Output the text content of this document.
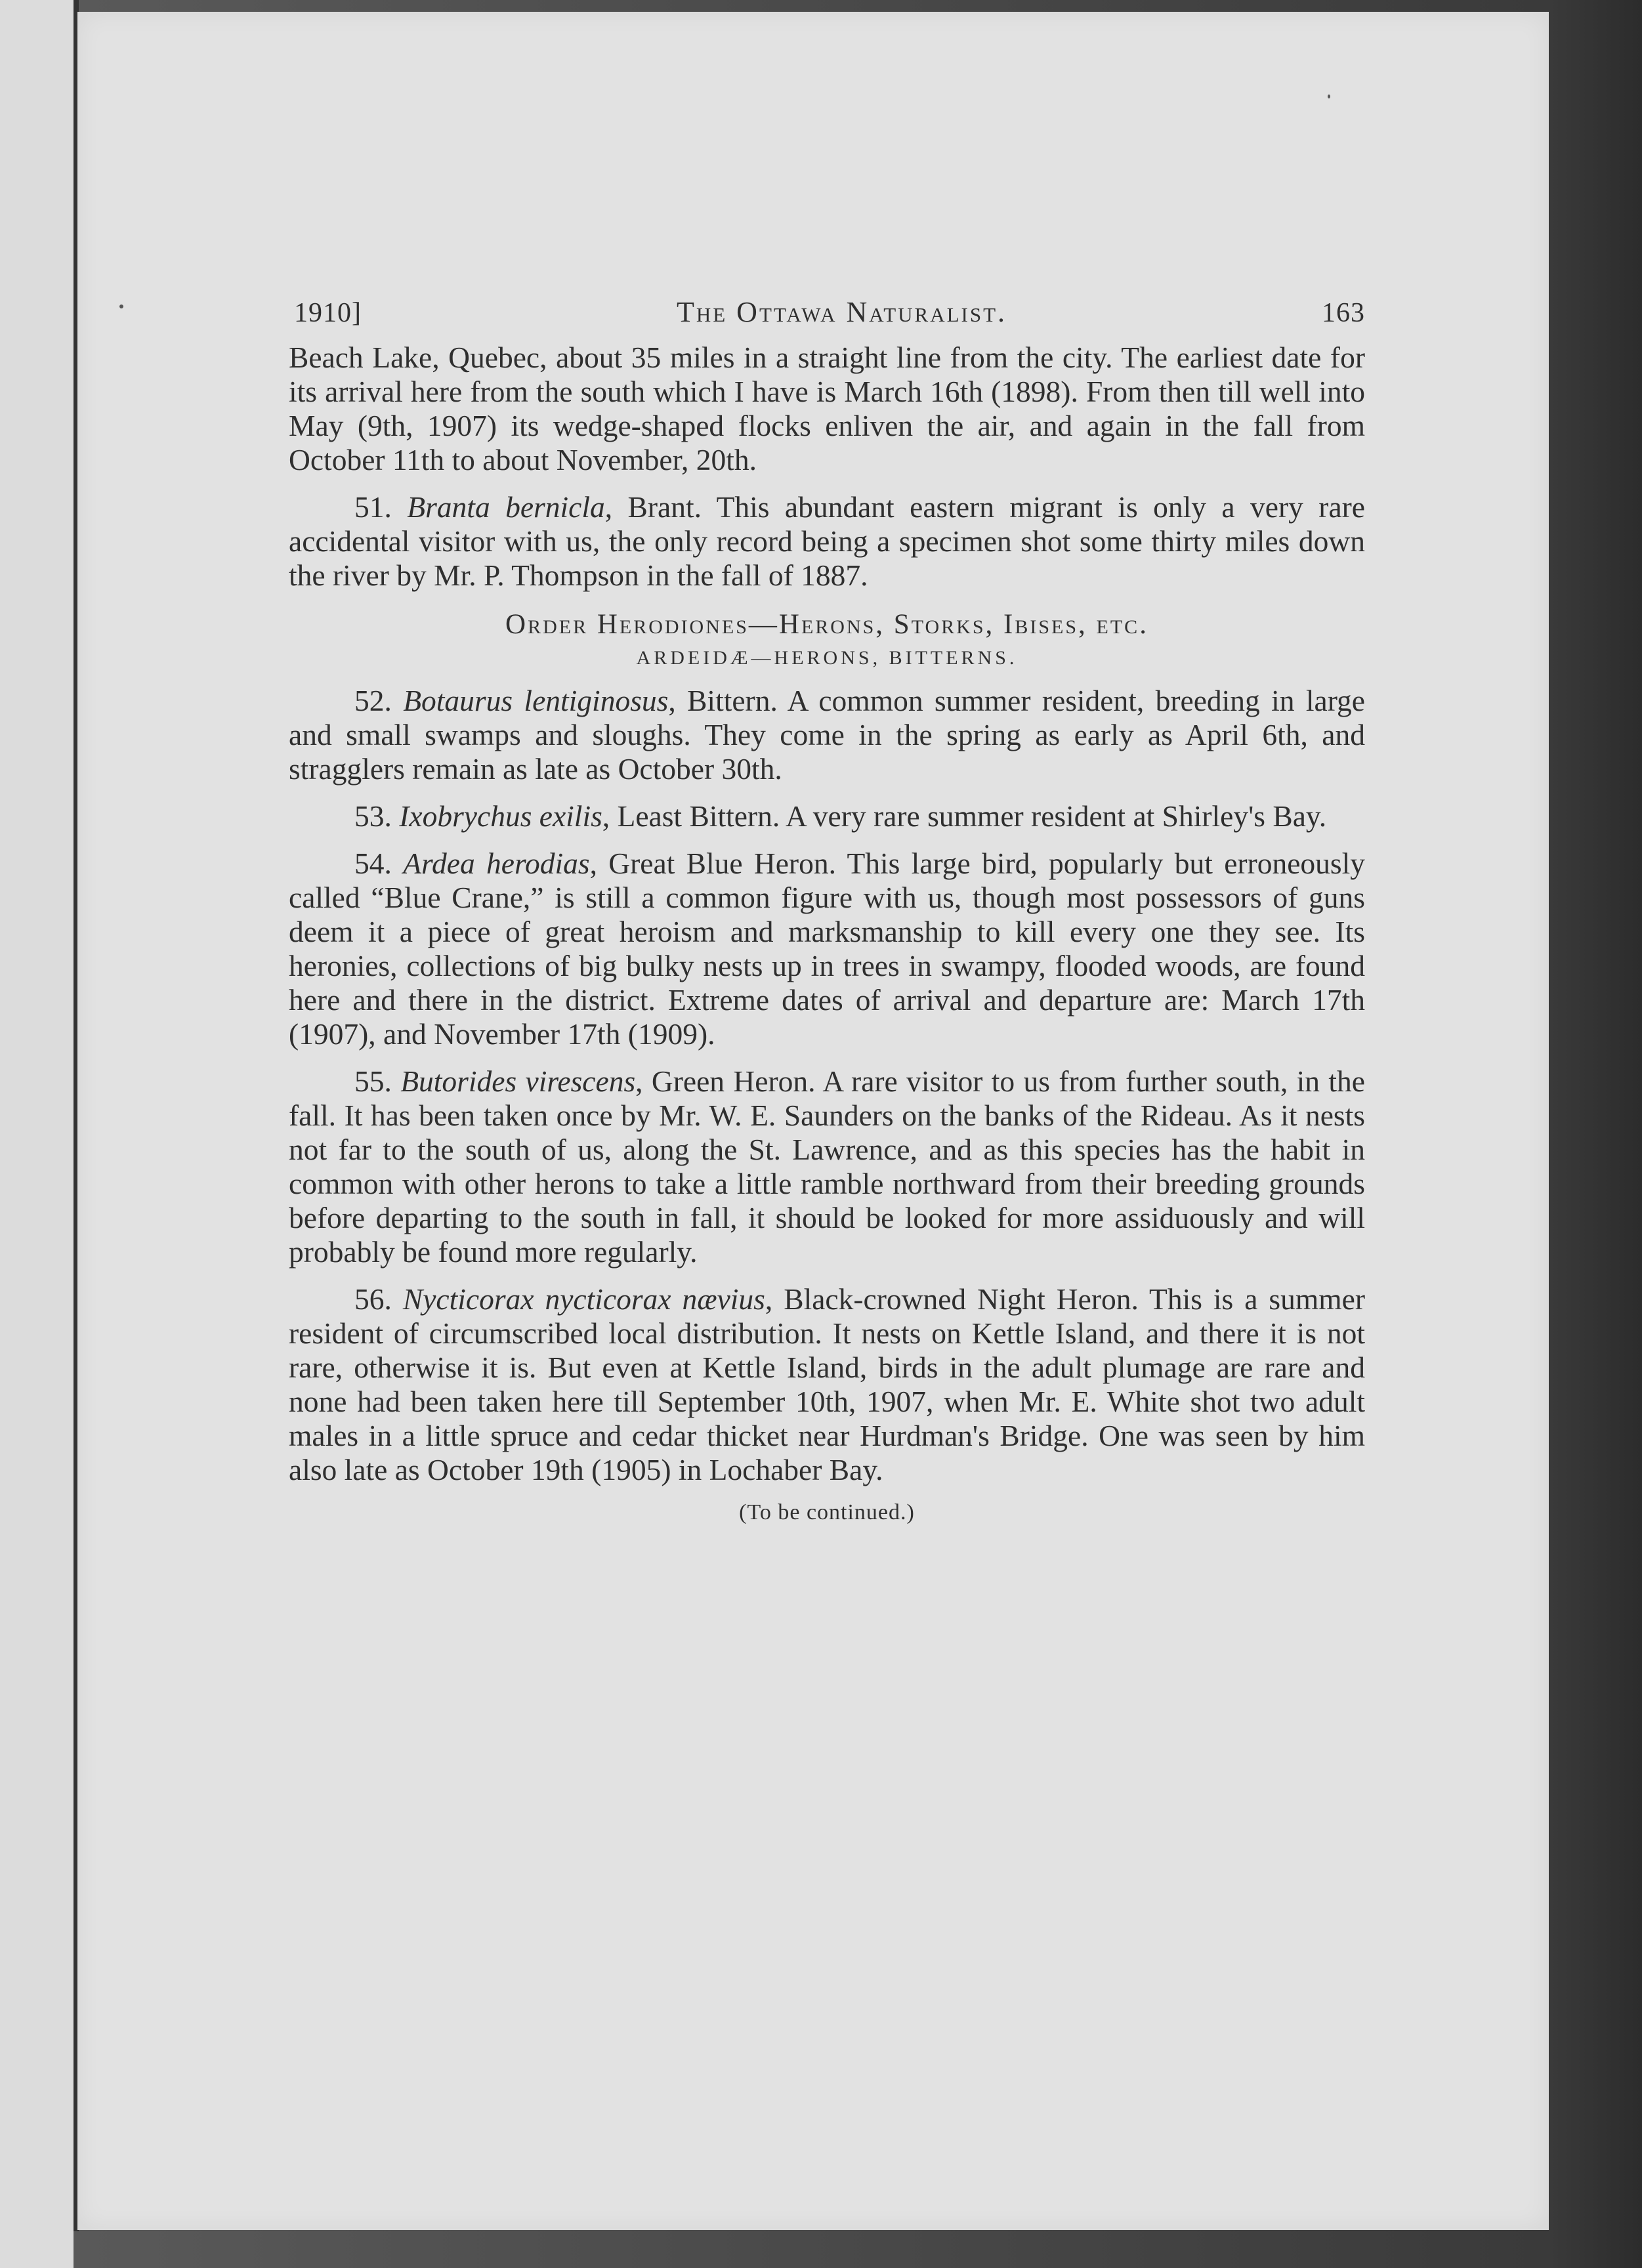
1910]	The Ottawa Naturalist.	163

Beach Lake, Quebec, about 35 miles in a straight line from the city. The earliest date for its arrival here from the south which I have is March 16th (1898). From then till well into May (9th, 1907) its wedge-shaped flocks enliven the air, and again in the fall from October 11th to about November, 20th.

51. Branta bernicla, Brant. This abundant eastern migrant is only a very rare accidental visitor with us, the only record being a specimen shot some thirty miles down the river by Mr. P. Thompson in the fall of 1887.

Order Herodiones—Herons, Storks, Ibises, etc.
ARDEIDÆ—HERONS, BITTERNS.

52. Botaurus lentiginosus, Bittern. A common summer resident, breeding in large and small swamps and sloughs. They come in the spring as early as April 6th, and stragglers remain as late as October 30th.

53. Ixobrychus exilis, Least Bittern. A very rare summer resident at Shirley's Bay.

54. Ardea herodias, Great Blue Heron. This large bird, popularly but erroneously called “Blue Crane,” is still a common figure with us, though most possessors of guns deem it a piece of great heroism and marksmanship to kill every one they see. Its heronies, collections of big bulky nests up in trees in swampy, flooded woods, are found here and there in the district. Extreme dates of arrival and departure are: March 17th (1907), and November 17th (1909).

55. Butorides virescens, Green Heron. A rare visitor to us from further south, in the fall. It has been taken once by Mr. W. E. Saunders on the banks of the Rideau. As it nests not far to the south of us, along the St. Lawrence, and as this species has the habit in common with other herons to take a little ramble northward from their breeding grounds before departing to the south in fall, it should be looked for more assiduously and will probably be found more regularly.

56. Nycticorax nycticorax nævius, Black-crowned Night Heron. This is a summer resident of circumscribed local distribution. It nests on Kettle Island, and there it is not rare, otherwise it is. But even at Kettle Island, birds in the adult plumage are rare and none had been taken here till September 10th, 1907, when Mr. E. White shot two adult males in a little spruce and cedar thicket near Hurdman's Bridge. One was seen by him also late as October 19th (1905) in Lochaber Bay.

(To be continued.)
